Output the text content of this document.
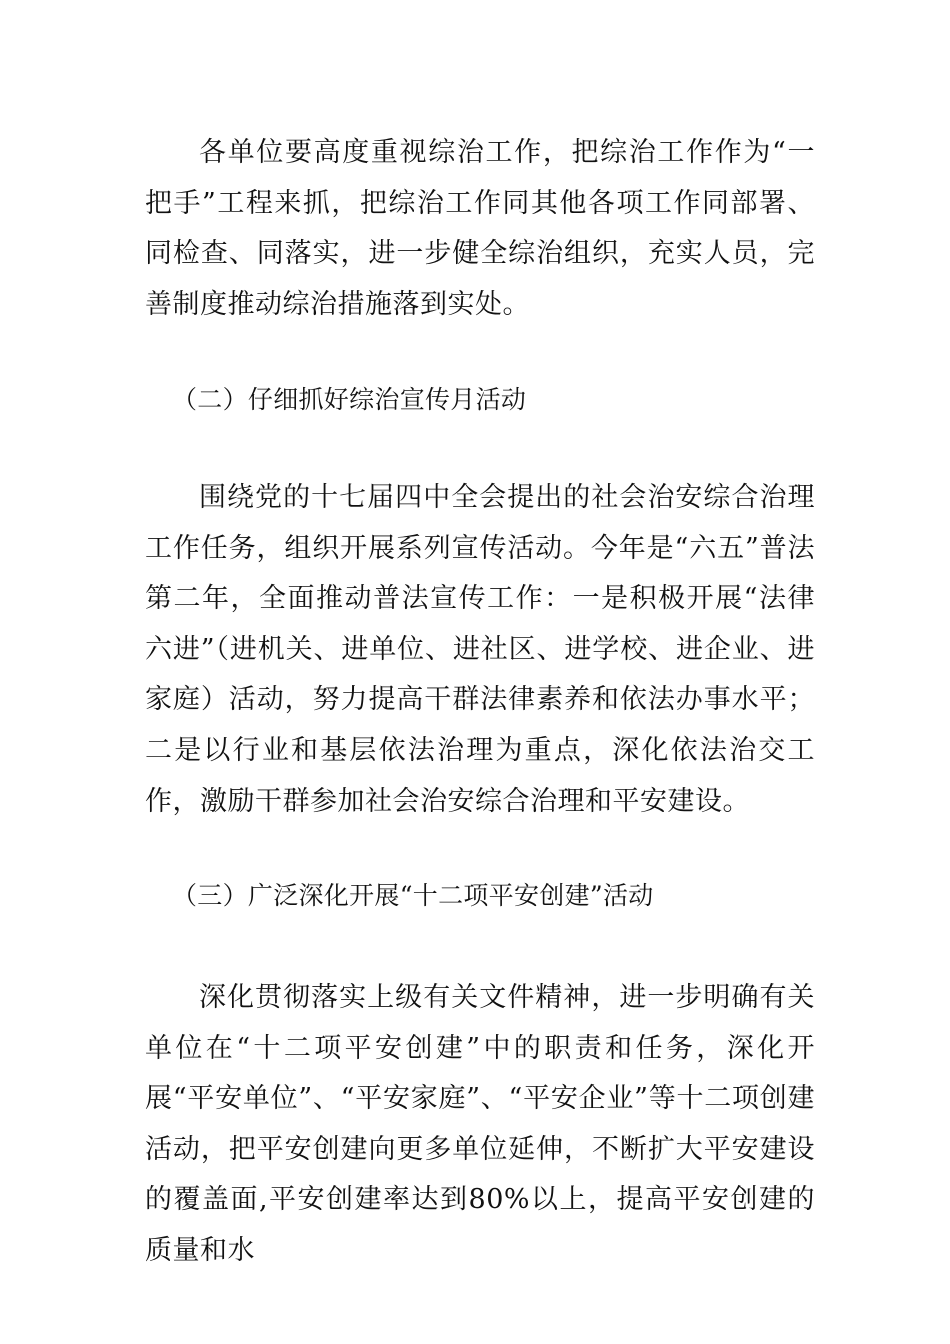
各单位要高度重视综治工作，把综治工作作为“一把手”工程来抓，把综治工作同其他各项工作同部署、同检查、同落实，进一步健全综治组织，充实人员，完善制度推动综治措施落到实处。

（二）仔细抓好综治宣传月活动

围绕党的十七届四中全会提出的社会治安综合治理工作任务，组织开展系列宣传活动。今年是“六五”普法第二年，全面推动普法宣传工作：一是积极开展“法律六进”（进机关、进单位、进社区、进学校、进企业、进家庭）活动，努力提高干群法律素养和依法办事水平；二是以行业和基层依法治理为重点，深化依法治交工作，激励干群参加社会治安综合治理和平安建设。

（三）广泛深化开展“十二项平安创建”活动

深化贯彻落实上级有关文件精神，进一步明确有关单位在“十二项平安创建”中的职责和任务，深化开展“平安单位”、“平安家庭”、“平安企业”等十二项创建活动，把平安创建向更多单位延伸，不断扩大平安建设的覆盖面,平安创建率达到80%以上，提高平安创建的质量和水
